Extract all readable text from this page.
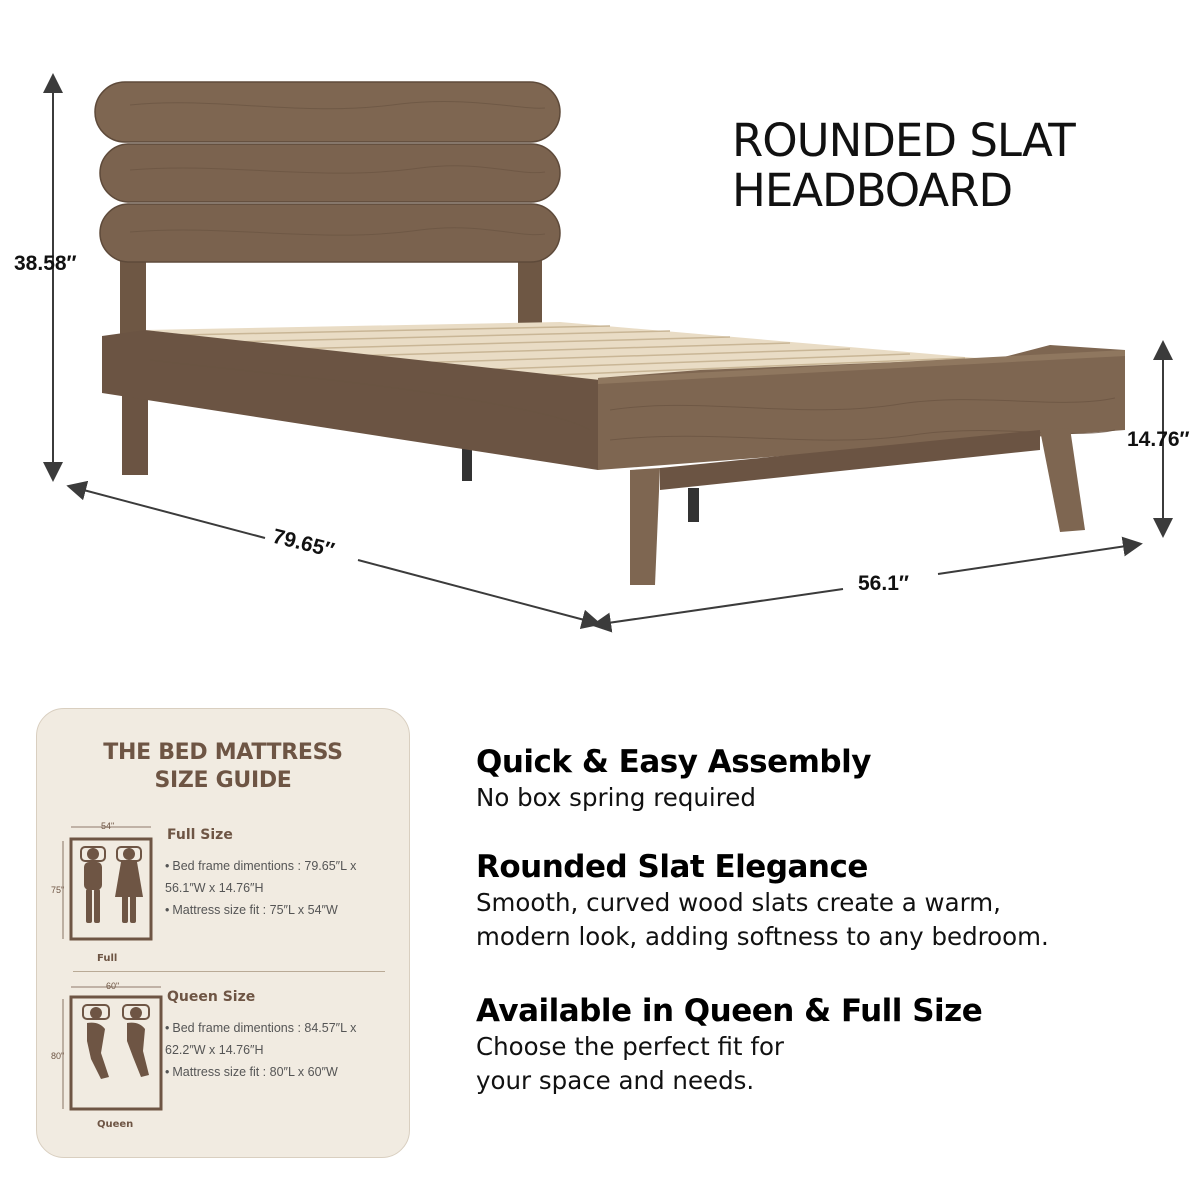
38.58″
14.76″
79.65″
56.1″
ROUNDED SLAT
HEADBOARD
THE BED MATTRESS
SIZE GUIDE
54"
75"
Full
Full Size
• Bed frame dimentions : 79.65″L x
56.1″W x 14.76″H
• Mattress size fit : 75″L x 54″W
60"
80"
Queen
Queen Size
• Bed frame dimentions : 84.57″L x
62.2″W x 14.76″H
• Mattress size fit : 80″L x 60″W
Quick & Easy Assembly

No box spring required

Rounded Slat Elegance

Smooth, curved wood slats create a warm,
modern look, adding softness to any bedroom.

Available in Queen & Full Size

Choose the perfect fit for
your space and needs.
